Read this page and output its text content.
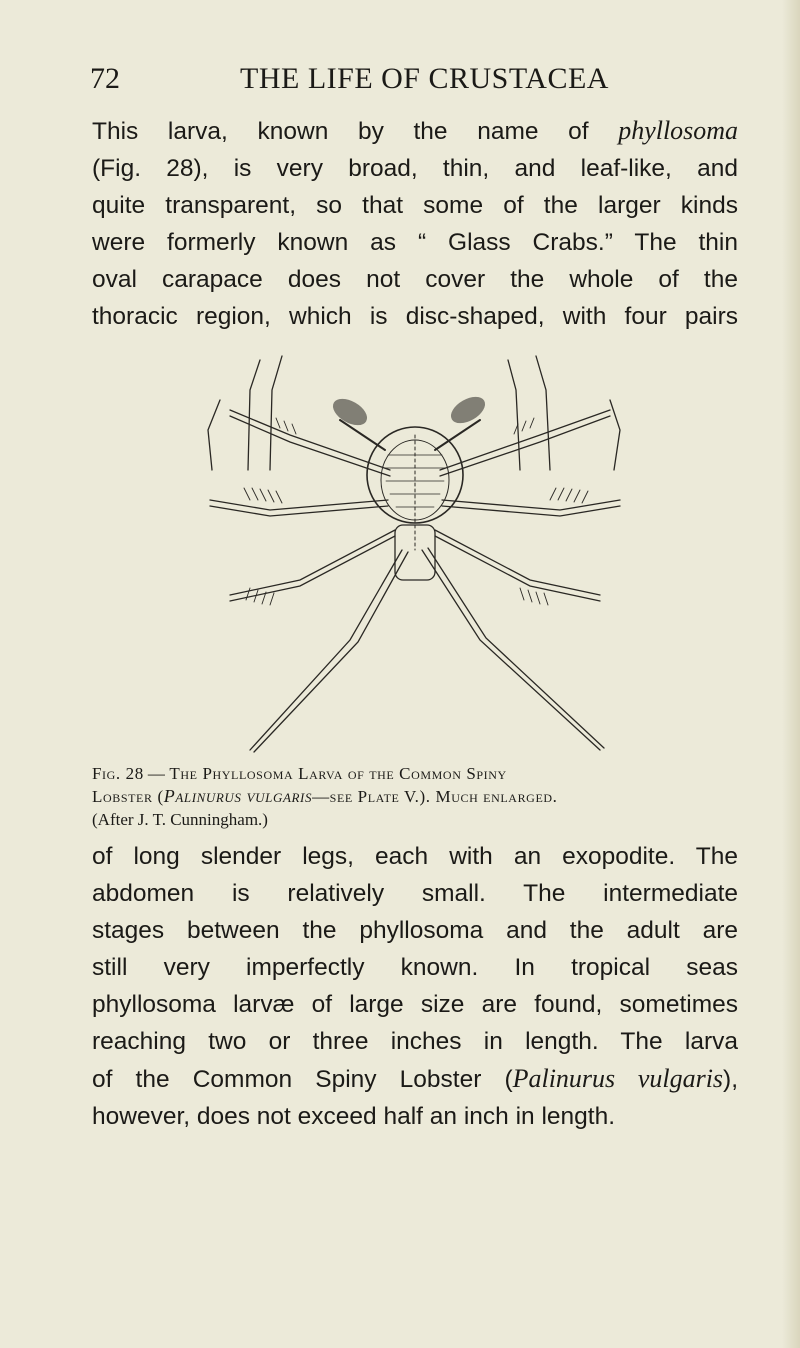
72	THE LIFE OF CRUSTACEA

This larva, known by the name of phyllosoma
(Fig. 28), is very broad, thin, and leaf-like, and
quite transparent, so that some of the larger kinds
were formerly known as “ Glass Crabs.” The thin
oval carapace does not cover the whole of the
thoracic region, which is disc-shaped, with four pairs

Fig. 28 — The Phyllosoma Larva of the Common Spiny
Lobster (Palinurus vulgaris—see Plate V.). Much enlarged.
(After J. T. Cunningham.)

of long slender legs, each with an exopodite. The
abdomen is relatively small. The intermediate
stages between the phyllosoma and the adult are
still very imperfectly known. In tropical seas
phyllosoma larvæ of large size are found, sometimes
reaching two or three inches in length. The larva
of the Common Spiny Lobster (Palinurus vulgaris),
however, does not exceed half an inch in length.
